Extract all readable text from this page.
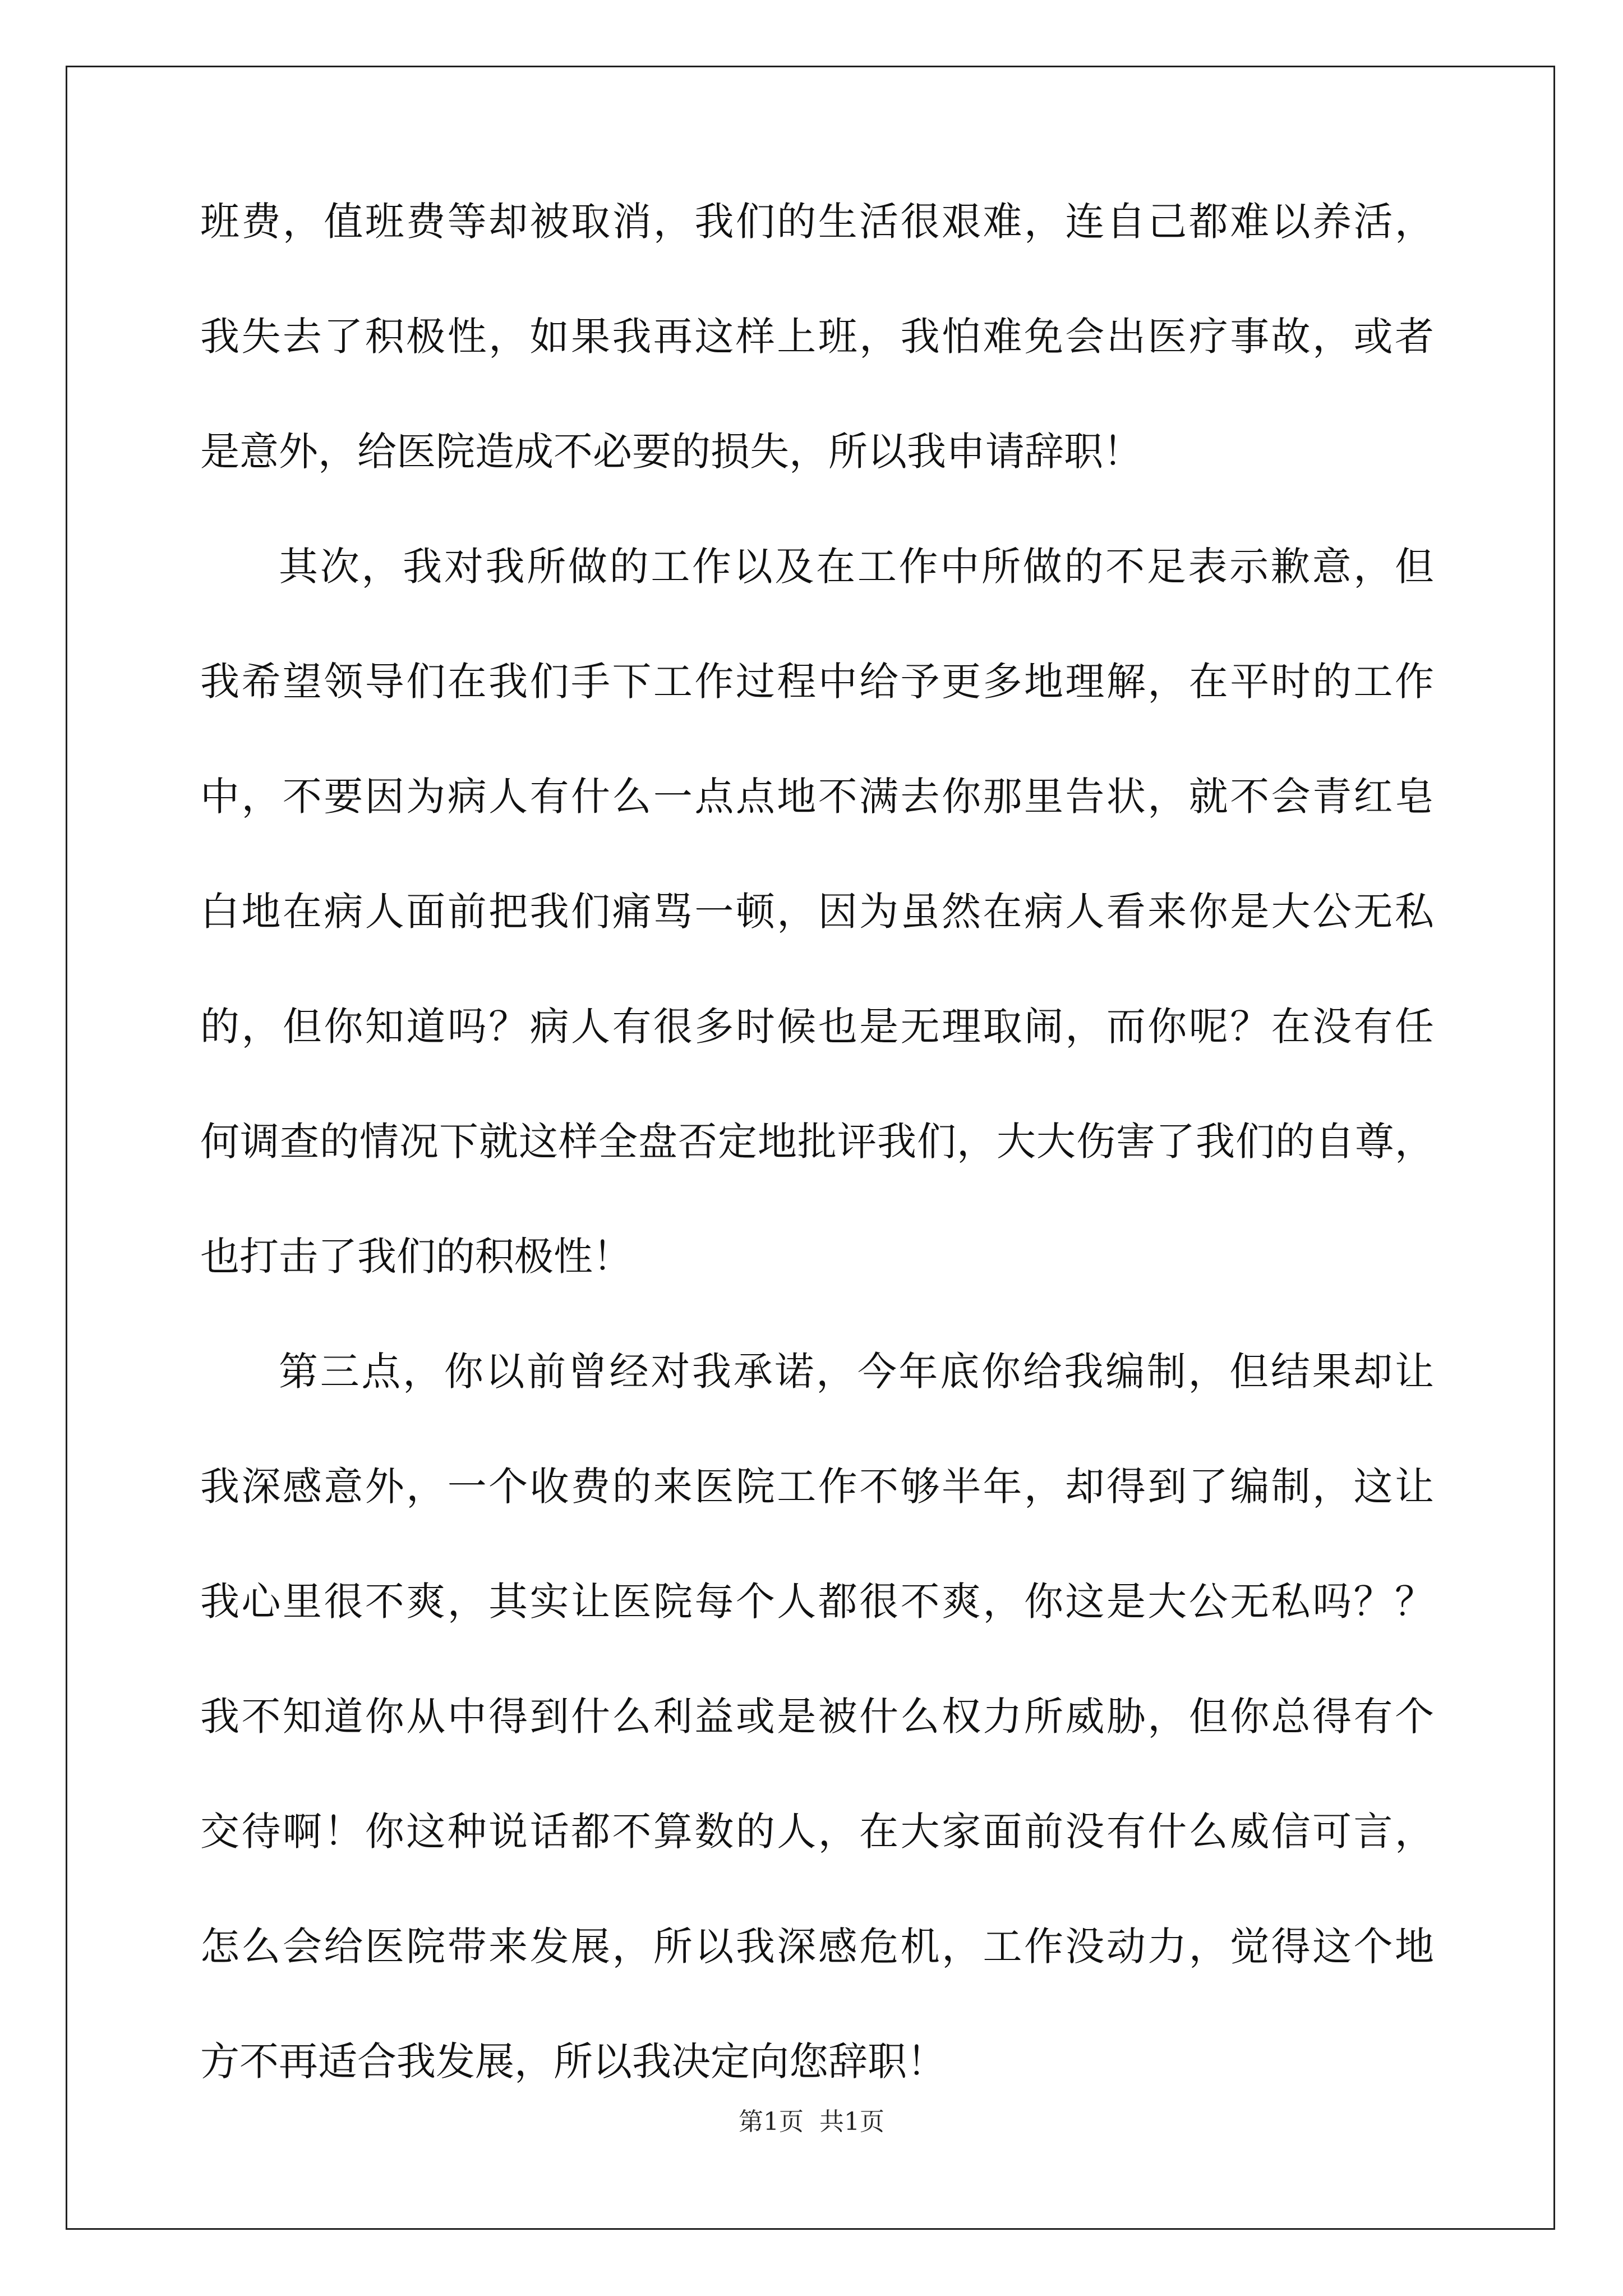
班费，值班费等却被取消，我们的生活很艰难，连自己都难以养活，
我失去了积极性，如果我再这样上班，我怕难免会出医疗事故，或者
是意外，给医院造成不必要的损失，所以我申请辞职！
其次，我对我所做的工作以及在工作中所做的不足表示歉意，但
我希望领导们在我们手下工作过程中给予更多地理解，在平时的工作
中，不要因为病人有什么一点点地不满去你那里告状，就不会青红皂
白地在病人面前把我们痛骂一顿，因为虽然在病人看来你是大公无私
的，但你知道吗？病人有很多时候也是无理取闹，而你呢？在没有任
何调查的情况下就这样全盘否定地批评我们，大大伤害了我们的自尊，
也打击了我们的积极性！
第三点，你以前曾经对我承诺，今年底你给我编制，但结果却让
我深感意外，一个收费的来医院工作不够半年，却得到了编制，这让
我心里很不爽，其实让医院每个人都很不爽，你这是大公无私吗？？
我不知道你从中得到什么利益或是被什么权力所威胁，但你总得有个
交待啊！你这种说话都不算数的人，在大家面前没有什么威信可言，
怎么会给医院带来发展，所以我深感危机，工作没动力，觉得这个地
方不再适合我发展，所以我决定向您辞职！
第1页 共1页
